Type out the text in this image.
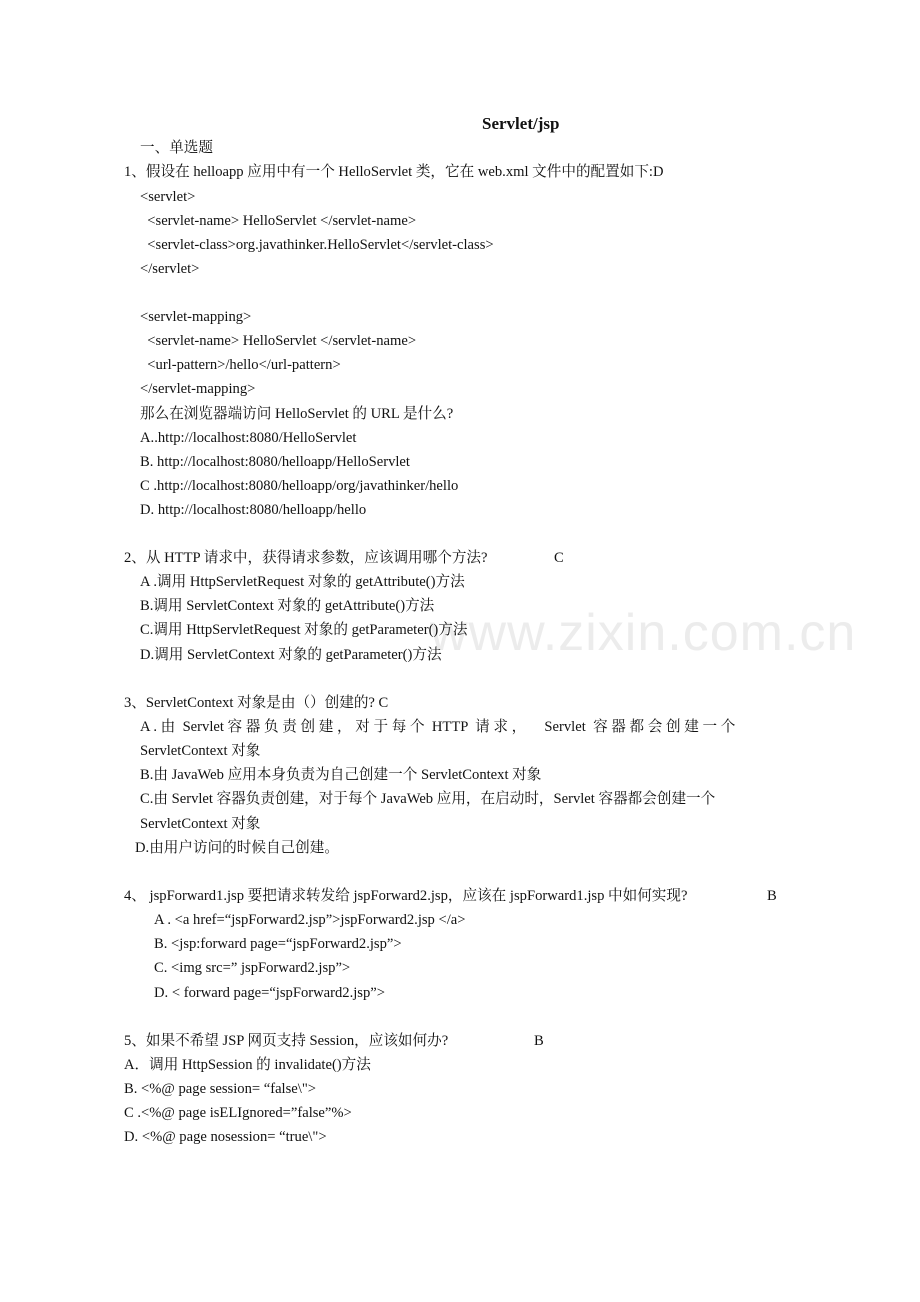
www.zixin.com.cn
Servlet/jsp
一、单选题
1、假设在 helloapp 应用中有一个 HelloServlet 类，它在 web.xml 文件中的配置如下:D
<servlet>
<servlet-name> HelloServlet </servlet-name>
<servlet-class>org.javathinker.HelloServlet</servlet-class>
</servlet>
<servlet-mapping>
<servlet-name> HelloServlet </servlet-name>
<url-pattern>/hello</url-pattern>
</servlet-mapping>
那么在浏览器端访问 HelloServlet 的 URL 是什么?
A..http://localhost:8080/HelloServlet
B. http://localhost:8080/helloapp/HelloServlet
C .http://localhost:8080/helloapp/org/javathinker/hello
D. http://localhost:8080/helloapp/hello
2、从 HTTP 请求中，获得请求参数，应该调用哪个方法?	C
A .调用 HttpServletRequest 对象的 getAttribute()方法
B.调用 ServletContext 对象的 getAttribute()方法
C.调用 HttpServletRequest 对象的 getParameter()方法
D.调用 ServletContext 对象的 getParameter()方法
3、ServletContext 对象是由（）创建的? C
A . 由  Servlet 容 器 负 责 创 建 ， 对 于 每 个  HTTP  请 求 ，     Servlet  容 器 都 会 创 建 一 个
ServletContext 对象
B.由 JavaWeb 应用本身负责为自己创建一个 ServletContext 对象
C.由 Servlet 容器负责创建，对于每个 JavaWeb 应用，在启动时，Servlet 容器都会创建一个
ServletContext 对象
D.由用户访问的时候自己创建。
4、 jspForward1.jsp 要把请求转发给 jspForward2.jsp，应该在 jspForward1.jsp 中如何实现?	B
A . <a href=“jspForward2.jsp”>jspForward2.jsp </a>
B. <jsp:forward page=“jspForward2.jsp”>
C. <img src=” jspForward2.jsp”>
D. < forward page=“jspForward2.jsp”>
5、如果不希望 JSP 网页支持 Session，应该如何办?	B
A．调用 HttpSession 的 invalidate()方法
B. <%@ page session= “false\">
C .<%@ page isELIgnored=”false”%>
D. <%@ page nosession= “true\">
